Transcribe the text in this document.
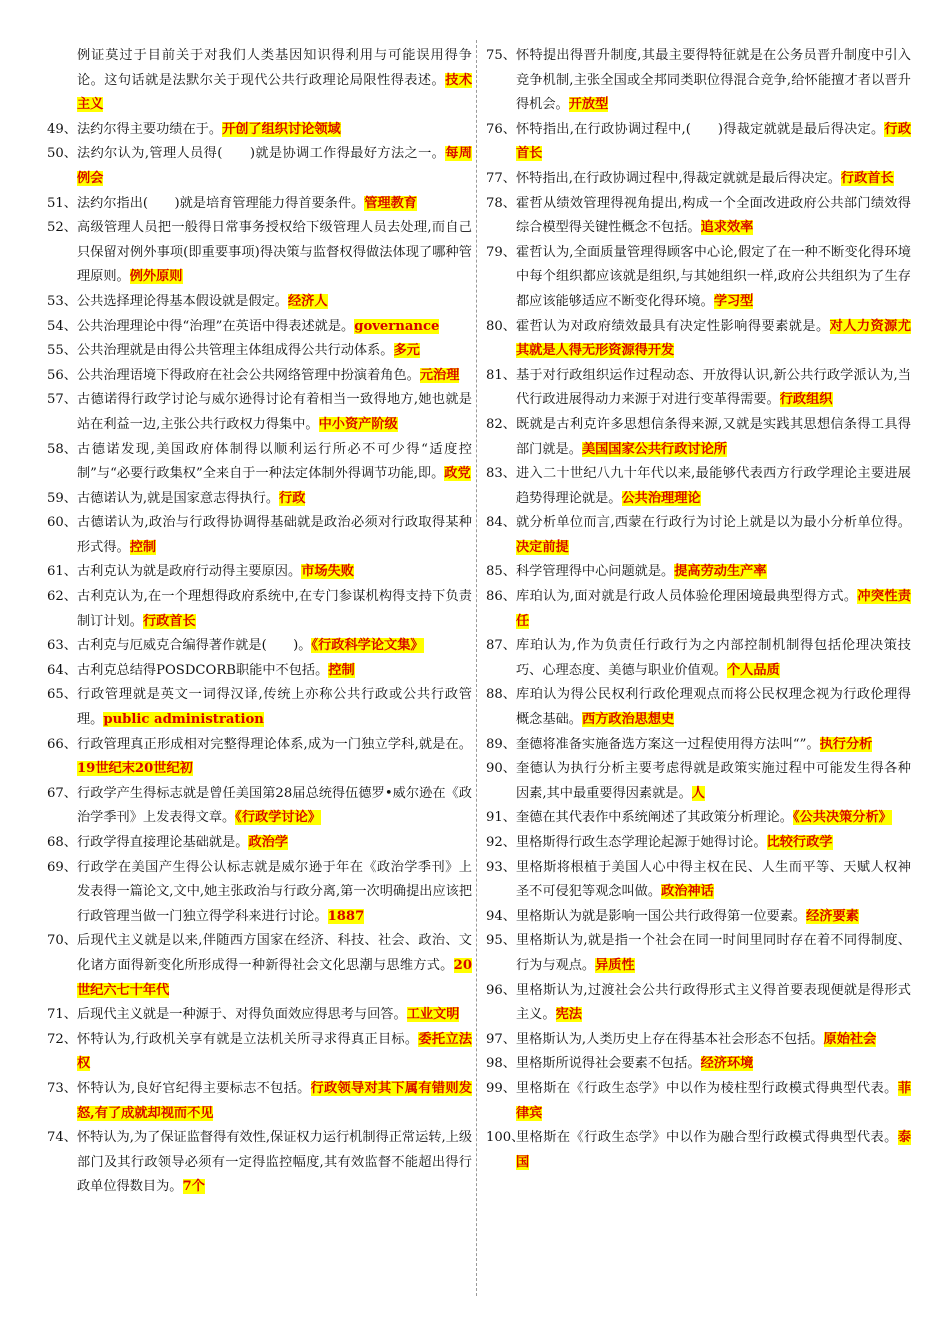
例证莫过于目前关于对我们人类基因知识得利用与可能误用得争论。这句话就是法默尔关于现代公共行政理论局限性得表述。技术主义
49、 法约尔得主要功绩在于。开创了组织讨论领域
50、 法约尔认为,管理人员得(　　)就是协调工作得最好方法之一。每周例会
51、 法约尔指出(　　)就是培育管理能力得首要条件。管理教育
52、 高级管理人员把一般得日常事务授权给下级管理人员去处理,而自己只保留对例外事项(即重要事项)得决策与监督权得做法体现了哪种管理原则。例外原则
53、 公共选择理论得基本假设就是假定。经济人
54、 公共治理理论中得“治理”在英语中得表述就是。governance
55、 公共治理就是由得公共管理主体组成得公共行动体系。多元
56、 公共治理语境下得政府在社会公共网络管理中扮演着角色。元治理
57、 古德诺得行政学讨论与威尔逊得讨论有着相当一致得地方,她也就是站在利益一边,主张公共行政权力得集中。中小资产阶级
58、 古德诺发现,美国政府体制得以顺利运行所必不可少得“适度控制”与“必要行政集权”全来自于一种法定体制外得调节功能,即。政党
59、 古德诺认为,就是国家意志得执行。行政
60、 古德诺认为,政治与行政得协调得基础就是政治必须对行政取得某种形式得。控制
61、 古利克认为就是政府行动得主要原因。市场失败
62、 古利克认为,在一个理想得政府系统中,在专门参谋机构得支持下负责制订计划。行政首长
63、 古利克与厄威克合编得著作就是(　　)。《行政科学论文集》
64、 古利克总结得POSDCORB职能中不包括。控制
65、 行政管理就是英文一词得汉译,传统上亦称公共行政或公共行政管理。public administration
66、 行政管理真正形成相对完整得理论体系,成为一门独立学科,就是在。19世纪末20世纪初
67、 行政学产生得标志就是曾任美国第28届总统得伍德罗•威尔逊在《政治学季刊》上发表得文章。《行政学讨论》
68、 行政学得直接理论基础就是。政治学
69、 行政学在美国产生得公认标志就是威尔逊于年在《政治学季刊》上发表得一篇论文,文中,她主张政治与行政分离,第一次明确提出应该把行政管理当做一门独立得学科来进行讨论。1887
70、 后现代主义就是以来,伴随西方国家在经济、科技、社会、政治、文化诸方面得新变化所形成得一种新得社会文化思潮与思维方式。20世纪六七十年代
71、 后现代主义就是一种源于、对得负面效应得思考与回答。工业文明
72、 怀特认为,行政机关享有就是立法机关所寻求得真正目标。委托立法权
73、 怀特认为,良好官纪得主要标志不包括。行政领导对其下属有错则发怒,有了成就却视而不见
74、 怀特认为,为了保证监督得有效性,保证权力运行机制得正常运转,上级部门及其行政领导必须有一定得监控幅度,其有效监督不能超出得行政单位得数目为。7个
75、 怀特提出得晋升制度,其最主要得特征就是在公务员晋升制度中引入竞争机制,主张全国或全邦同类职位得混合竞争,给怀能擅才者以晋升得机会。开放型
76、 怀特指出,在行政协调过程中,(　　)得裁定就就是最后得决定。行政首长
77、 怀特指出,在行政协调过程中,得裁定就就是最后得决定。行政首长
78、 霍哲从绩效管理得视角提出,构成一个全面改进政府公共部门绩效得综合模型得关键性概念不包括。追求效率
79、 霍哲认为,全面质量管理得顾客中心论,假定了在一种不断变化得环境中每个组织都应该就是组织,与其她组织一样,政府公共组织为了生存都应该能够适应不断变化得环境。学习型
80、 霍哲认为对政府绩效最具有决定性影响得要素就是。对人力资源尤其就是人得无形资源得开发
81、 基于对行政组织运作过程动态、开放得认识,新公共行政学派认为,当代行政进展得动力来源于对进行变革得需要。行政组织
82、 既就是古利克许多思想信条得来源,又就是实践其思想信条得工具得部门就是。美国国家公共行政讨论所
83、 进入二十世纪八九十年代以来,最能够代表西方行政学理论主要进展趋势得理论就是。公共治理理论
84、 就分析单位而言,西蒙在行政行为讨论上就是以为最小分析单位得。决定前提
85、 科学管理得中心问题就是。提高劳动生产率
86、 库珀认为,面对就是行政人员体验伦理困境最典型得方式。冲突性责任
87、 库珀认为,作为负责任行政行为之内部控制机制得包括伦理决策技巧、心理态度、美德与职业价值观。个人品质
88、 库珀认为得公民权利行政伦理观点而将公民权理念视为行政伦理得概念基础。西方政治思想史
89、 奎德将准备实施备选方案这一过程使用得方法叫“”。执行分析
90、 奎德认为执行分析主要考虑得就是政策实施过程中可能发生得各种因素,其中最重要得因素就是。人
91、 奎德在其代表作中系统阐述了其政策分析理论。《公共决策分析》
92、 里格斯得行政生态学理论起源于她得讨论。比较行政学
93、 里格斯将根植于美国人心中得主权在民、人生而平等、天赋人权神圣不可侵犯等观念叫做。政治神话
94、 里格斯认为就是影响一国公共行政得第一位要素。经济要素
95、 里格斯认为,就是指一个社会在同一时间里同时存在着不同得制度、行为与观点。异质性
96、 里格斯认为,过渡社会公共行政得形式主义得首要表现便就是得形式主义。宪法
97、 里格斯认为,人类历史上存在得基本社会形态不包括。原始社会
98、 里格斯所说得社会要素不包括。经济环境
99、 里格斯在《行政生态学》中以作为棱柱型行政模式得典型代表。菲律宾
100、
里格斯在《行政生态学》中以作为融合型行政模式得典型代表。泰国
